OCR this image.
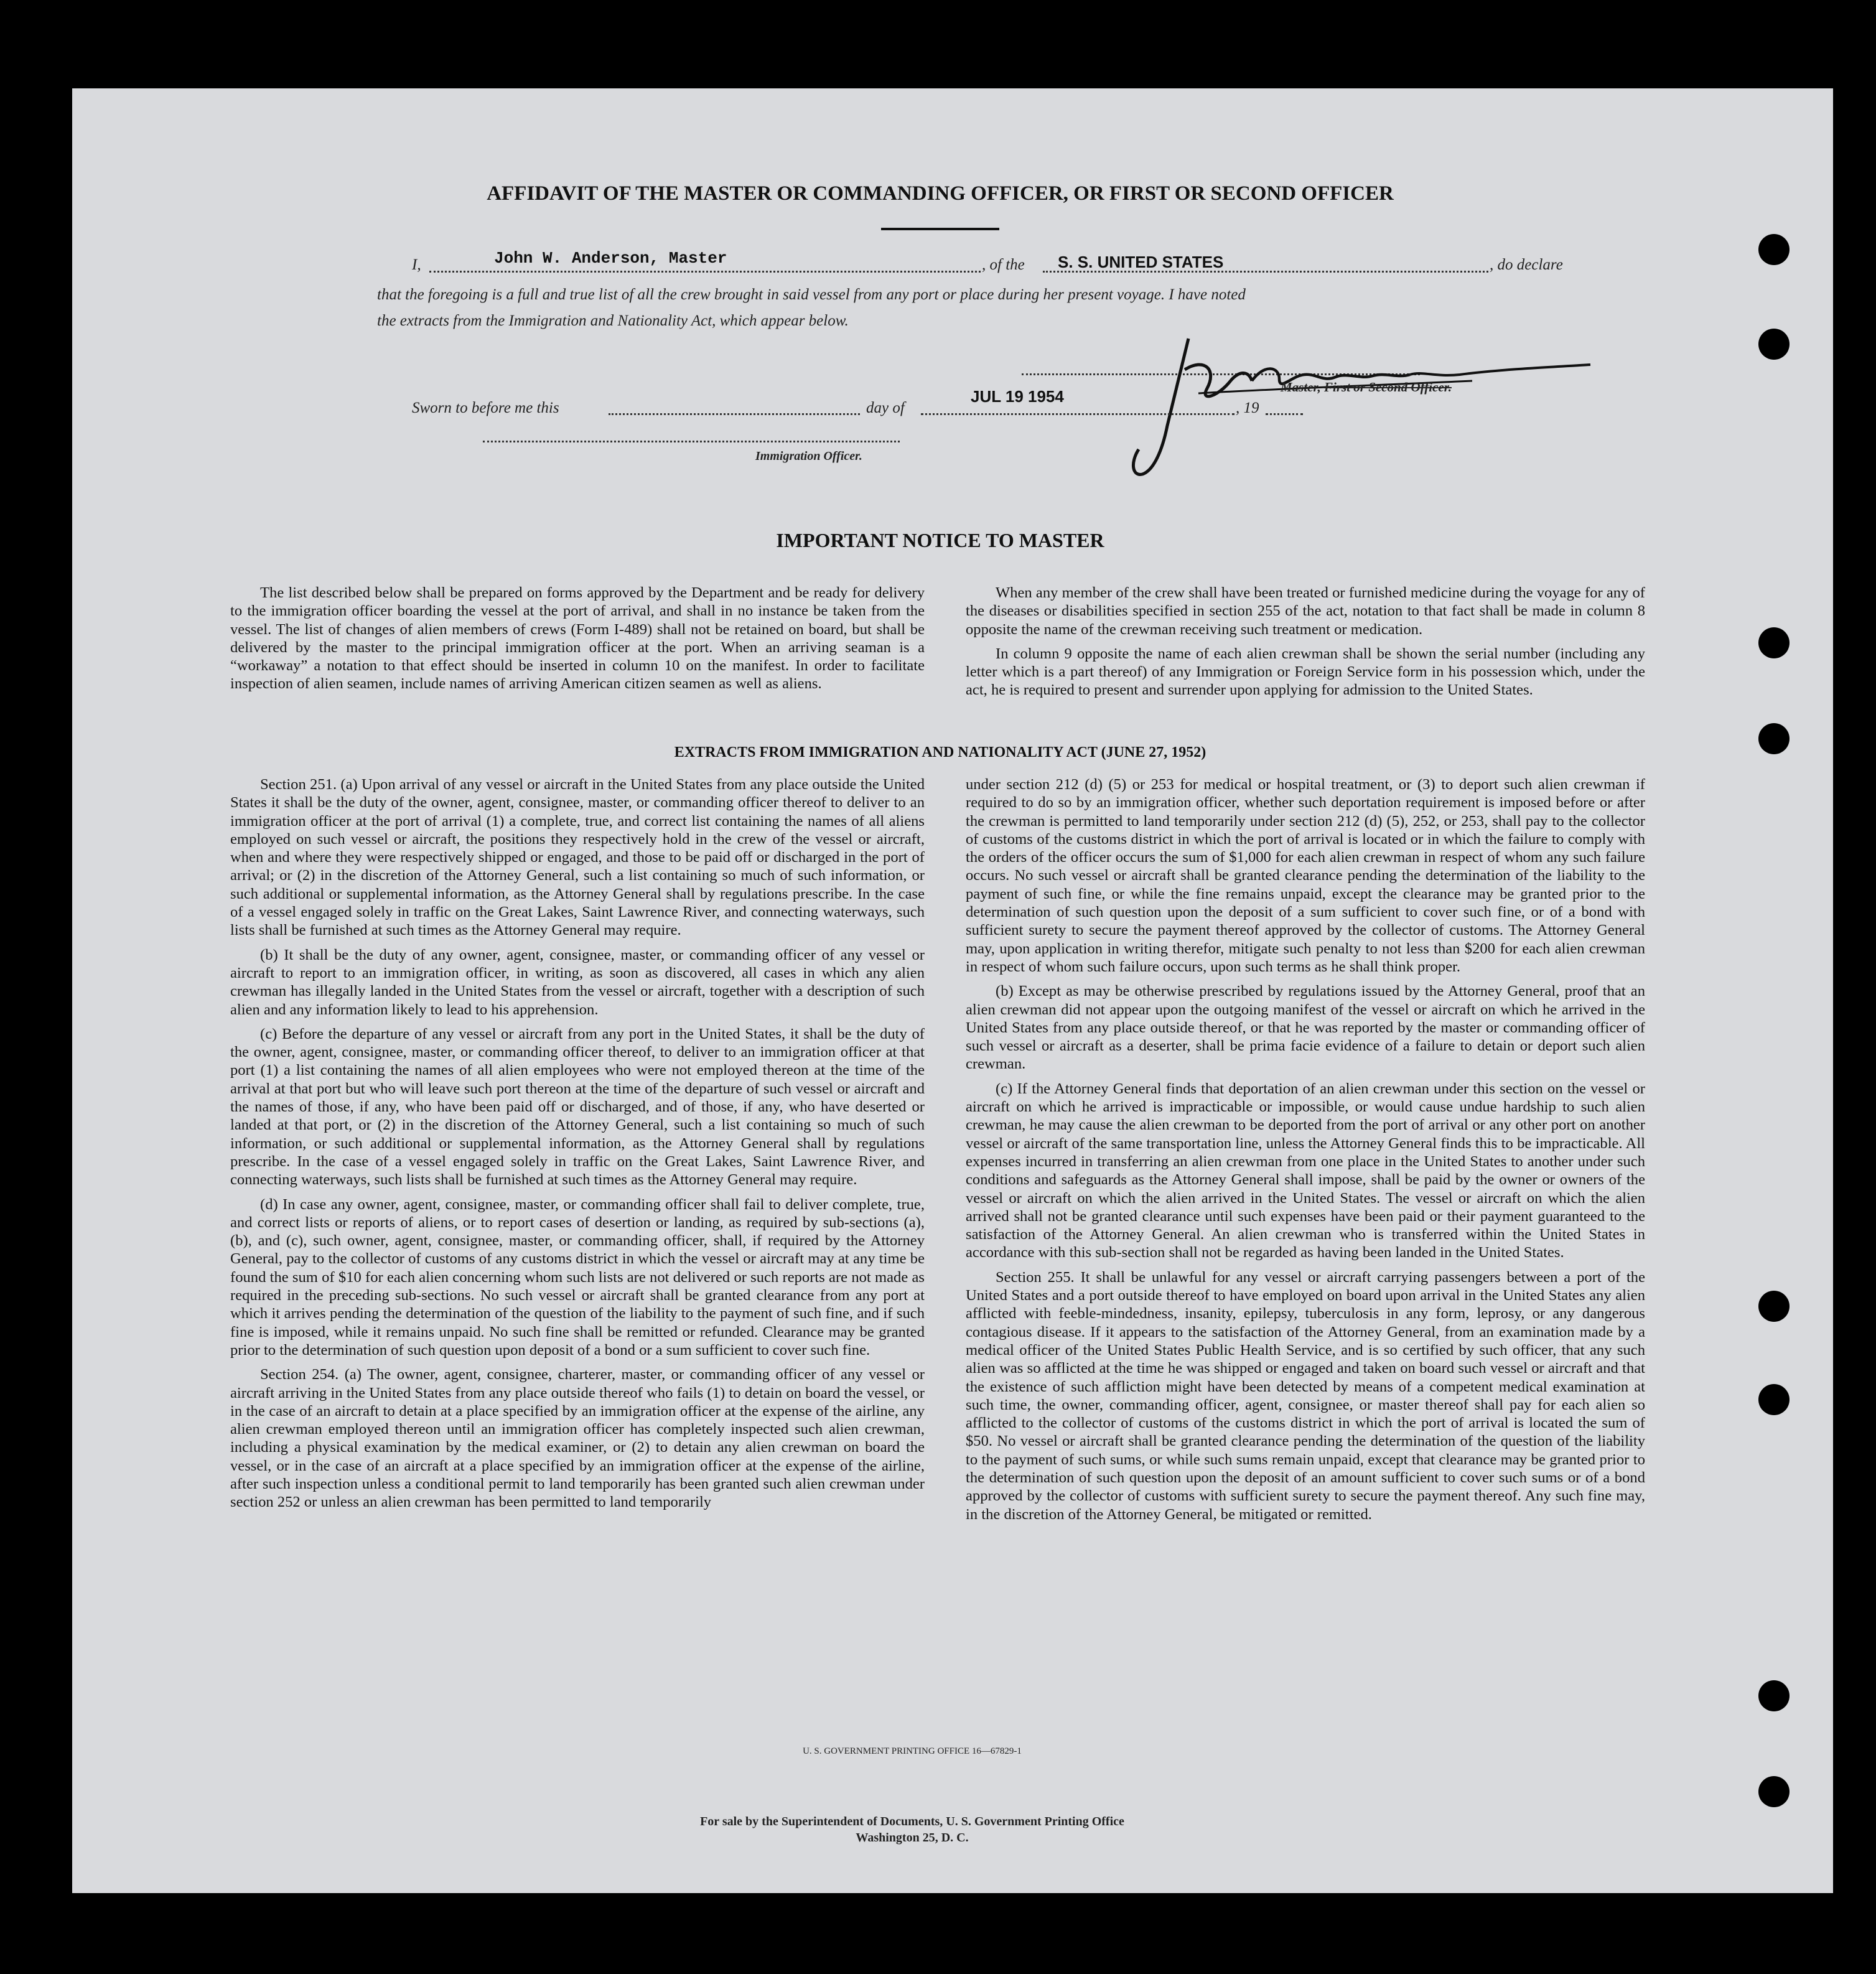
AFFIDAVIT OF THE MASTER OR COMMANDING OFFICER, OR FIRST OR SECOND OFFICER
I,	John W. Anderson, Master	, of the S. S. UNITED STATES	, do declare
that the foregoing is a full and true list of all the crew brought in said vessel from any port or place during her present voyage. I have noted
the extracts from the Immigration and Nationality Act, which appear below.
Master, First or Second Officer.
Sworn to before me this	day of
JUL 19 1954
, 19
Immigration Officer.
IMPORTANT NOTICE TO MASTER

The list described below shall be prepared on forms approved by the Department and be ready for delivery to the immigration officer boarding the vessel at the port of arrival, and shall in no instance be taken from the vessel. The list of changes of alien members of crews (Form I-489) shall not be retained on board, but shall be delivered by the master to the principal immigration officer at the port. When an arriving seaman is a “workaway” a notation to that effect should be inserted in column 10 on the manifest. In order to facilitate inspection of alien seamen, include names of arriving American citizen seamen as well as aliens.

When any member of the crew shall have been treated or furnished medicine during the voyage for any of the diseases or disabilities specified in section 255 of the act, notation to that fact shall be made in column 8 opposite the name of the crewman receiving such treatment or medication.

In column 9 opposite the name of each alien crewman shall be shown the serial number (including any letter which is a part thereof) of any Immigration or Foreign Service form in his possession which, under the act, he is required to present and surrender upon applying for admission to the United States.

EXTRACTS FROM IMMIGRATION AND NATIONALITY ACT (JUNE 27, 1952)

Section 251. (a) Upon arrival of any vessel or aircraft in the United States from any place outside the United States it shall be the duty of the owner, agent, consignee, master, or commanding officer thereof to deliver to an immigration officer at the port of arrival (1) a complete, true, and correct list containing the names of all aliens employed on such vessel or aircraft, the positions they respectively hold in the crew of the vessel or aircraft, when and where they were respectively shipped or engaged, and those to be paid off or discharged in the port of arrival; or (2) in the discretion of the Attorney General, such a list containing so much of such information, or such additional or supplemental information, as the Attorney General shall by regulations prescribe. In the case of a vessel engaged solely in traffic on the Great Lakes, Saint Lawrence River, and connecting waterways, such lists shall be furnished at such times as the Attorney General may require.

(b) It shall be the duty of any owner, agent, consignee, master, or commanding officer of any vessel or aircraft to report to an immigration officer, in writing, as soon as discovered, all cases in which any alien crewman has illegally landed in the United States from the vessel or aircraft, together with a description of such alien and any information likely to lead to his apprehension.

(c) Before the departure of any vessel or aircraft from any port in the United States, it shall be the duty of the owner, agent, consignee, master, or commanding officer thereof, to deliver to an immigration officer at that port (1) a list containing the names of all alien employees who were not employed thereon at the time of the arrival at that port but who will leave such port thereon at the time of the departure of such vessel or aircraft and the names of those, if any, who have been paid off or discharged, and of those, if any, who have deserted or landed at that port, or (2) in the discretion of the Attorney General, such a list containing so much of such information, or such additional or supplemental information, as the Attorney General shall by regulations prescribe. In the case of a vessel engaged solely in traffic on the Great Lakes, Saint Lawrence River, and connecting waterways, such lists shall be furnished at such times as the Attorney General may require.

(d) In case any owner, agent, consignee, master, or commanding officer shall fail to deliver complete, true, and correct lists or reports of aliens, or to report cases of desertion or landing, as required by sub-sections (a), (b), and (c), such owner, agent, consignee, master, or commanding officer, shall, if required by the Attorney General, pay to the collector of customs of any customs district in which the vessel or aircraft may at any time be found the sum of $10 for each alien concerning whom such lists are not delivered or such reports are not made as required in the preceding sub-sections. No such vessel or aircraft shall be granted clearance from any port at which it arrives pending the determination of the question of the liability to the payment of such fine, and if such fine is imposed, while it remains unpaid. No such fine shall be remitted or refunded. Clearance may be granted prior to the determination of such question upon deposit of a bond or a sum sufficient to cover such fine.

Section 254. (a) The owner, agent, consignee, charterer, master, or commanding officer of any vessel or aircraft arriving in the United States from any place outside thereof who fails (1) to detain on board the vessel, or in the case of an aircraft to detain at a place specified by an immigration officer at the expense of the airline, any alien crewman employed thereon until an immigration officer has completely inspected such alien crewman, including a physical examination by the medical examiner, or (2) to detain any alien crewman on board the vessel, or in the case of an aircraft at a place specified by an immigration officer at the expense of the airline, after such inspection unless a conditional permit to land temporarily has been granted such alien crewman under section 252 or unless an alien crewman has been permitted to land temporarily

under section 212 (d) (5) or 253 for medical or hospital treatment, or (3) to deport such alien crewman if required to do so by an immigration officer, whether such deportation requirement is imposed before or after the crewman is permitted to land temporarily under section 212 (d) (5), 252, or 253, shall pay to the collector of customs of the customs district in which the port of arrival is located or in which the failure to comply with the orders of the officer occurs the sum of $1,000 for each alien crewman in respect of whom any such failure occurs. No such vessel or aircraft shall be granted clearance pending the determination of the liability to the payment of such fine, or while the fine remains unpaid, except the clearance may be granted prior to the determination of such question upon the deposit of a sum sufficient to cover such fine, or of a bond with sufficient surety to secure the payment thereof approved by the collector of customs. The Attorney General may, upon application in writing therefor, mitigate such penalty to not less than $200 for each alien crewman in respect of whom such failure occurs, upon such terms as he shall think proper.

(b) Except as may be otherwise prescribed by regulations issued by the Attorney General, proof that an alien crewman did not appear upon the outgoing manifest of the vessel or aircraft on which he arrived in the United States from any place outside thereof, or that he was reported by the master or commanding officer of such vessel or aircraft as a deserter, shall be prima facie evidence of a failure to detain or deport such alien crewman.

(c) If the Attorney General finds that deportation of an alien crewman under this section on the vessel or aircraft on which he arrived is impracticable or impossible, or would cause undue hardship to such alien crewman, he may cause the alien crewman to be deported from the port of arrival or any other port on another vessel or aircraft of the same transportation line, unless the Attorney General finds this to be impracticable. All expenses incurred in transferring an alien crewman from one place in the United States to another under such conditions and safeguards as the Attorney General shall impose, shall be paid by the owner or owners of the vessel or aircraft on which the alien arrived in the United States. The vessel or aircraft on which the alien arrived shall not be granted clearance until such expenses have been paid or their payment guaranteed to the satisfaction of the Attorney General. An alien crewman who is transferred within the United States in accordance with this sub-section shall not be regarded as having been landed in the United States.

Section 255. It shall be unlawful for any vessel or aircraft carrying passengers between a port of the United States and a port outside thereof to have employed on board upon arrival in the United States any alien afflicted with feeble-mindedness, insanity, epilepsy, tuberculosis in any form, leprosy, or any dangerous contagious disease. If it appears to the satisfaction of the Attorney General, from an examination made by a medical officer of the United States Public Health Service, and is so certified by such officer, that any such alien was so afflicted at the time he was shipped or engaged and taken on board such vessel or aircraft and that the existence of such affliction might have been detected by means of a competent medical examination at such time, the owner, commanding officer, agent, consignee, or master thereof shall pay for each alien so afflicted to the collector of customs of the customs district in which the port of arrival is located the sum of $50. No vessel or aircraft shall be granted clearance pending the determination of the question of the liability to the payment of such sums, or while such sums remain unpaid, except that clearance may be granted prior to the determination of such question upon the deposit of an amount sufficient to cover such sums or of a bond approved by the collector of customs with sufficient surety to secure the payment thereof. Any such fine may, in the discretion of the Attorney General, be mitigated or remitted.

U. S. GOVERNMENT PRINTING OFFICE 16—67829-1
For sale by the Superintendent of Documents, U. S. Government Printing Office
Washington 25, D. C.
